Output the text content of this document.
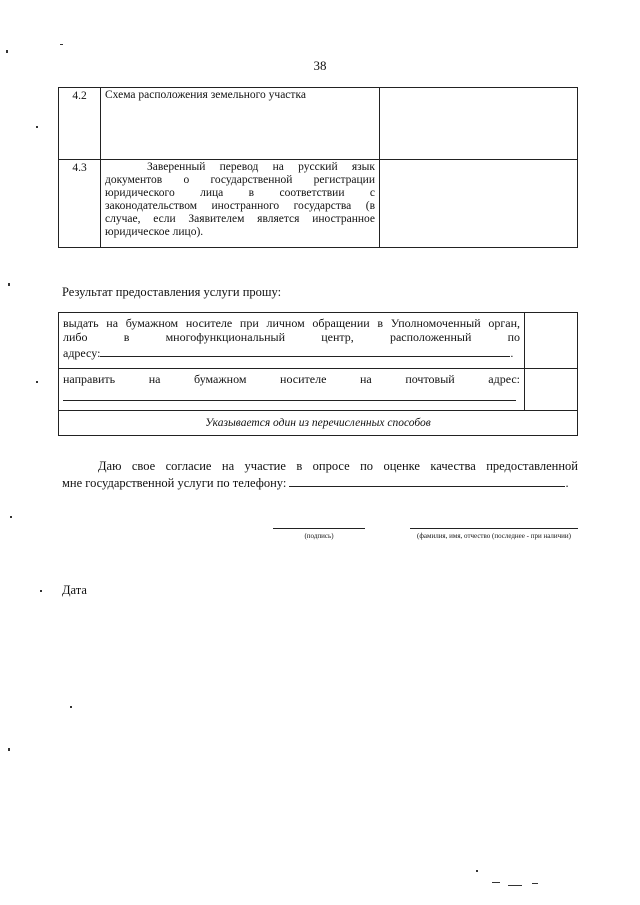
38
4.2	Схема расположения земельного участка	
4.3	Заверенный перевод на русский язык документов о государственной регистрации юридического лица в соответствии с законодательством иностранного государства (в случае, если Заявителем является иностранное юридическое лицо).	
Результат предоставления услуги прошу:
выдать на бумажном носителе при личном обращении в Уполномоченный орган,
либо в многофункциональный центр, расположенный по
адресу: .	

направить на бумажном носителе на почтовый адрес:	

Указывается один из перечисленных способов	
Даю свое согласие на участие в опросе по оценке качества предоставленной
мне государственной услуги по телефону:	.
(подпись)	(фамилия, имя, отчество (последнее - при наличии)
Дата
